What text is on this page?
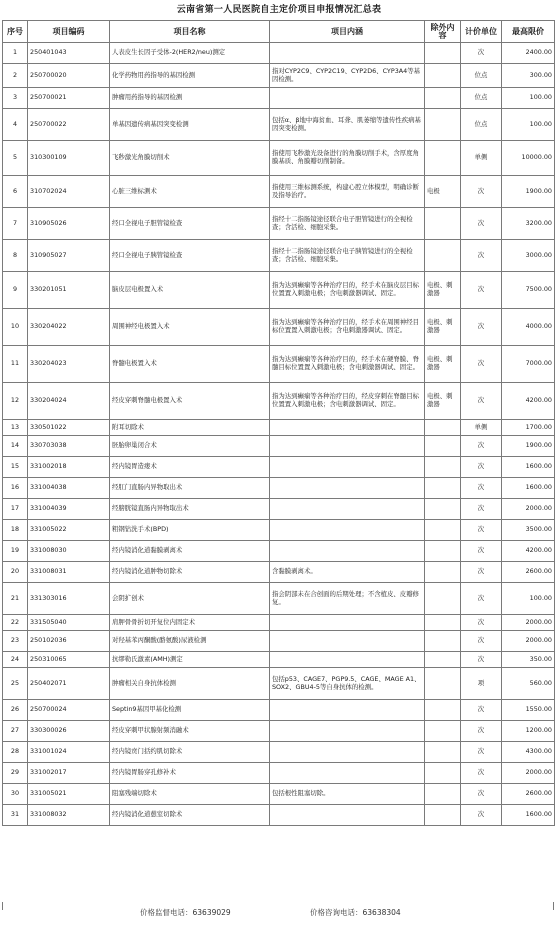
云南省第一人民医院自主定价项目申报情况汇总表
序号	项目编码	项目名称	项目内涵	除外内容	计价单位	最高限价
1	250401043	人表皮生长因子受体-2(HER2/neu)测定			次	2400.00
2	250700020	化学药物用药指导的基因检测	指对CYP2C9、CYP2C19、CYP2D6、CYP3A4等基因检测。		位点	300.00
3	250700021	肿瘤用药指导的基因检测			位点	100.00
4	250700022	单基因遗传病基因突变检测	包括α、β地中海贫血、耳聋、肌萎缩等遗传性疾病基因突变检测。		位点	100.00
5	310300109	飞秒激光角膜切削术	指使用飞秒激光设备进行的角膜切削手术，含厚度角膜基质、角膜瓣切削制备。		单侧	10000.00
6	310702024	心脏三维标测术	指使用三维标测系统，构建心腔立体模型，明确诊断及指导治疗。	电极	次	1900.00
7	310905026	经口全视电子胆管镜检查	指经十二指肠镜途径联合电子胆管镜进行的全视检查；含活检、细胞采集。		次	3200.00
8	310905027	经口全视电子胰管镜检查	指经十二指肠镜途径联合电子胰管镜进行的全视检查；含活检、细胞采集。		次	3000.00
9	330201051	脑皮层电极置入术	指为达到癫痫等各种治疗目的，经手术在脑皮层目标位置置入刺激电极；含电刺激器调试、固定。	电极、刺激器	次	7500.00
10	330204022	周围神经电极置入术	指为达到癫痫等各种治疗目的，经手术在周围神经目标位置置入刺激电极；含电刺激器调试、固定。	电极、刺激器	次	4000.00
11	330204023	脊髓电极置入术	指为达到癫痫等各种治疗目的，经手术在硬脊膜、脊髓目标位置置入刺激电极；含电刺激器调试、固定。	电极、刺激器	次	7000.00
12	330204024	经皮穿刺脊髓电极置入术	指为达到癫痫等各种治疗目的，经皮穿刺在脊髓目标位置置入刺激电极；含电刺激器调试、固定。	电极、刺激器	次	4200.00
13	330501022	附耳切除术			单侧	1700.00
14	330703038	胚胎卵巢闭合术			次	1900.00
15	331002018	经内镜胃造瘘术			次	1600.00
16	331004038	经肛门直肠内异物取出术			次	1600.00
17	331004039	经膀胱镜直肠内异物取出术			次	2000.00
18	331005022	粗钢钻洗手术(BPD)			次	3500.00
19	331008030	经内镜消化道黏膜剥离术			次	4200.00
20	331008031	经内镜消化道肿物切除术	含黏膜剥离术。		次	2600.00
21	331303016	会阴扩创术	指会阴部未在合创面的后期处理；不含植皮、皮瓣修复。		次	100.00
22	331505040	肩胛骨骨折切开复位内固定术			次	2000.00
23	250102036	对羟基苯丙酮酸(酪氨酸)尿液检测			次	2000.00
24	250310065	抗缪勒氏激素(AMH)测定			次	350.00
25	250402071	肿瘤相关自身抗体检测	包括p53、CAGE7、PGP9.5、CAGE、MAGE A1、SOX2、GBU4-5等自身抗体的检测。		项	560.00
26	250700024	Septin9基因甲基化检测			次	1550.00
27	330300026	经皮穿刺甲状腺射频消融术			次	1200.00
28	331001024	经内镜贲门括约肌切除术			次	4300.00
29	331002017	经内镜胃肠穿孔修补术			次	2000.00
30	331005021	阻塞残端切除术	包括根性阻塞切除。		次	2600.00
31	331008032	经内镜消化道憩室切除术			次	1600.00
价格监督电话：63639029	价格咨询电话：63638304
